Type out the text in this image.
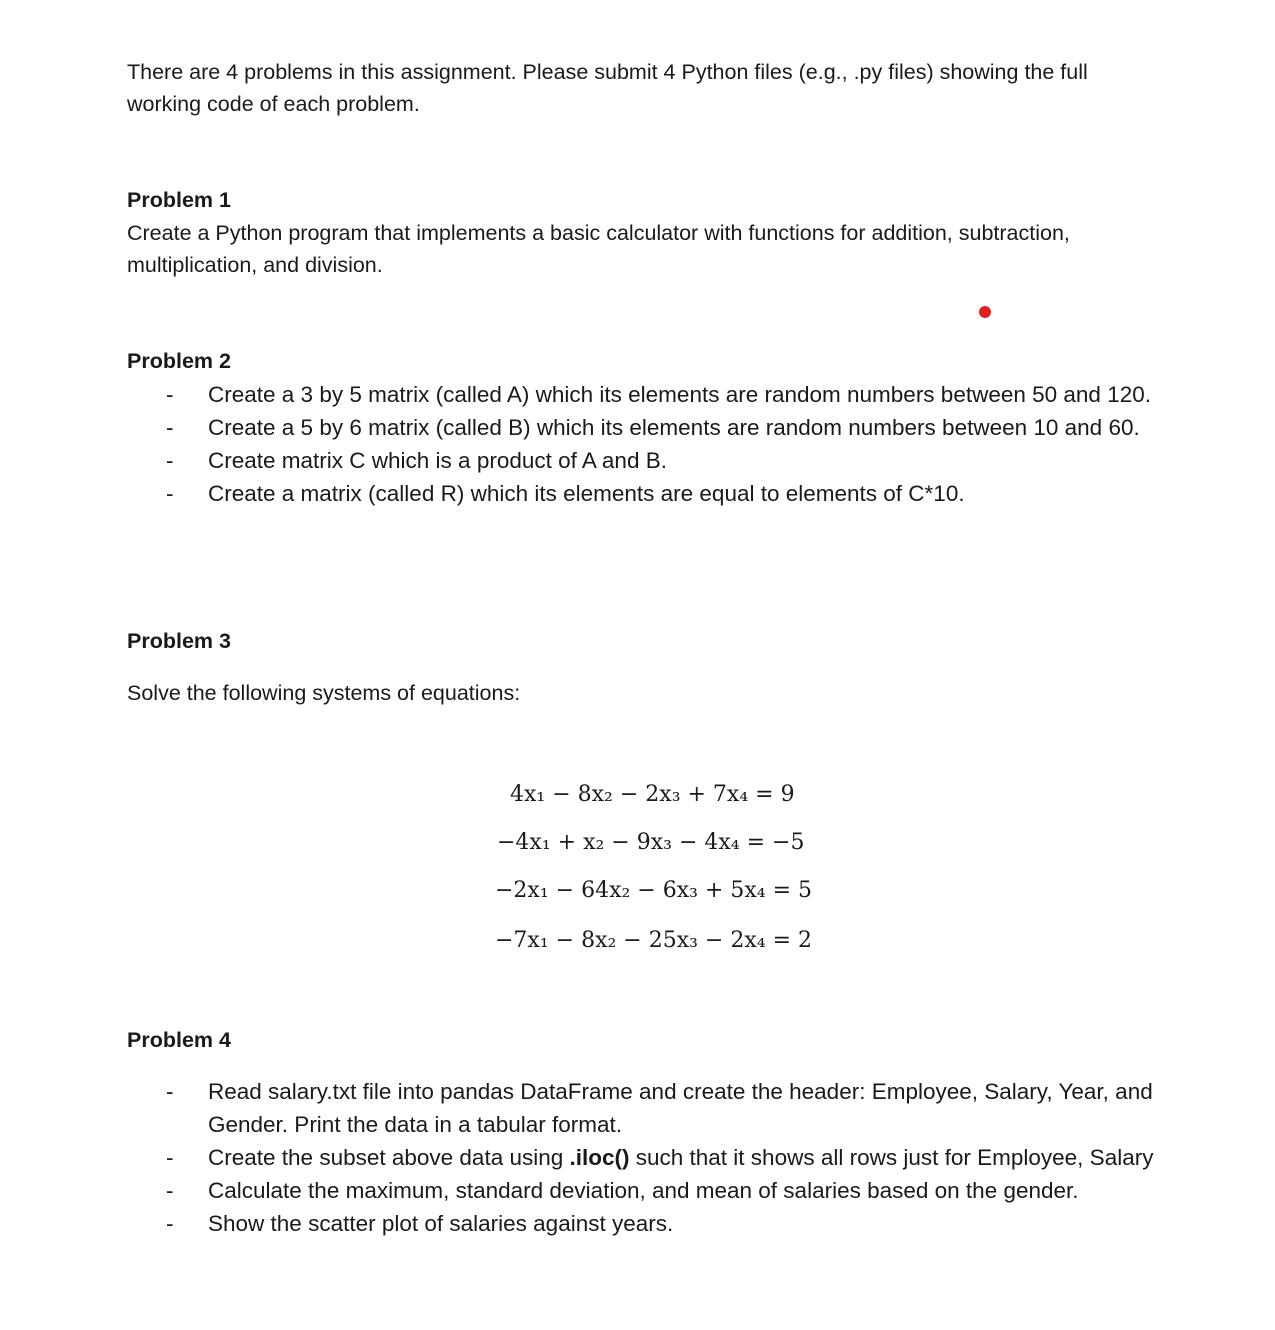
There are 4 problems in this assignment. Please submit 4 Python files (e.g., .py files) showing the full working code of each problem.

Problem 1

Create a Python program that implements a basic calculator with functions for addition, subtraction, multiplication, and division.

Problem 2
- Create a 3 by 5 matrix (called A) which its elements are random numbers between 50 and 120.
- Create a 5 by 6 matrix (called B) which its elements are random numbers between 10 and 60.
- Create matrix C which is a product of A and B.
- Create a matrix (called R) which its elements are equal to elements of C*10.
Problem 3

Solve the following systems of equations:

4x₁ − 8x₂ − 2x₃ + 7x₄ = 9
−4x₁ + x₂ − 9x₃ − 4x₄ = −5
−2x₁ − 64x₂ − 6x₃ + 5x₄ = 5
−7x₁ − 8x₂ − 25x₃ − 2x₄ = 2
Problem 4
- Read salary.txt file into pandas DataFrame and create the header: Employee, Salary, Year, and Gender. Print the data in a tabular format.
- Create the subset above data using .iloc() such that it shows all rows just for Employee, Salary
- Calculate the maximum, standard deviation, and mean of salaries based on the gender.
- Show the scatter plot of salaries against years.
